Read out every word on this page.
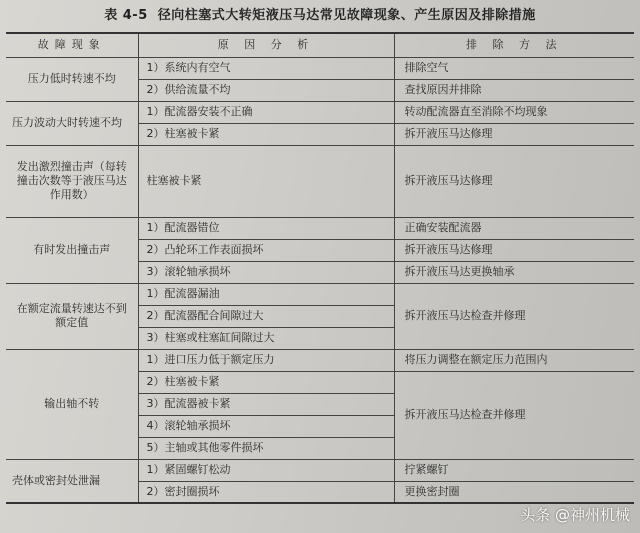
表 4-5 径向柱塞式大转矩液压马达常见故障现象、产生原因及排除措施
故障现象	原 因 分 析	排 除 方 法
压力低时转速不均	1）系统内有空气	排除空气
	2）供给流量不均	查找原因并排除
压力波动大时转速不均	1）配流器安装不正确	转动配流器直至消除不均现象
	2）柱塞被卡紧	拆开液压马达修理
发出激烈撞击声（每转撞击次数等于液压马达作用数）	柱塞被卡紧	拆开液压马达修理
有时发出撞击声	1）配流器错位	正确安装配流器
	2）凸轮环工作表面损坏	拆开液压马达修理
	3）滚轮轴承损坏	拆开液压马达更换轴承
在额定流量转速达不到额定值	1）配流器漏油	拆开液压马达检查并修理
	2）配流器配合间隙过大	
	3）柱塞或柱塞缸间隙过大	
输出轴不转	1）进口压力低于额定压力	将压力调整在额定压力范围内
	2）柱塞被卡紧	拆开液压马达检查并修理
	3）配流器被卡紧	
	4）滚轮轴承损坏	
	5）主轴或其他零件损坏	
壳体或密封处泄漏	1）紧固螺钉松动	拧紧螺钉
	2）密封圈损坏	更换密封圈
头条 @神州机械
